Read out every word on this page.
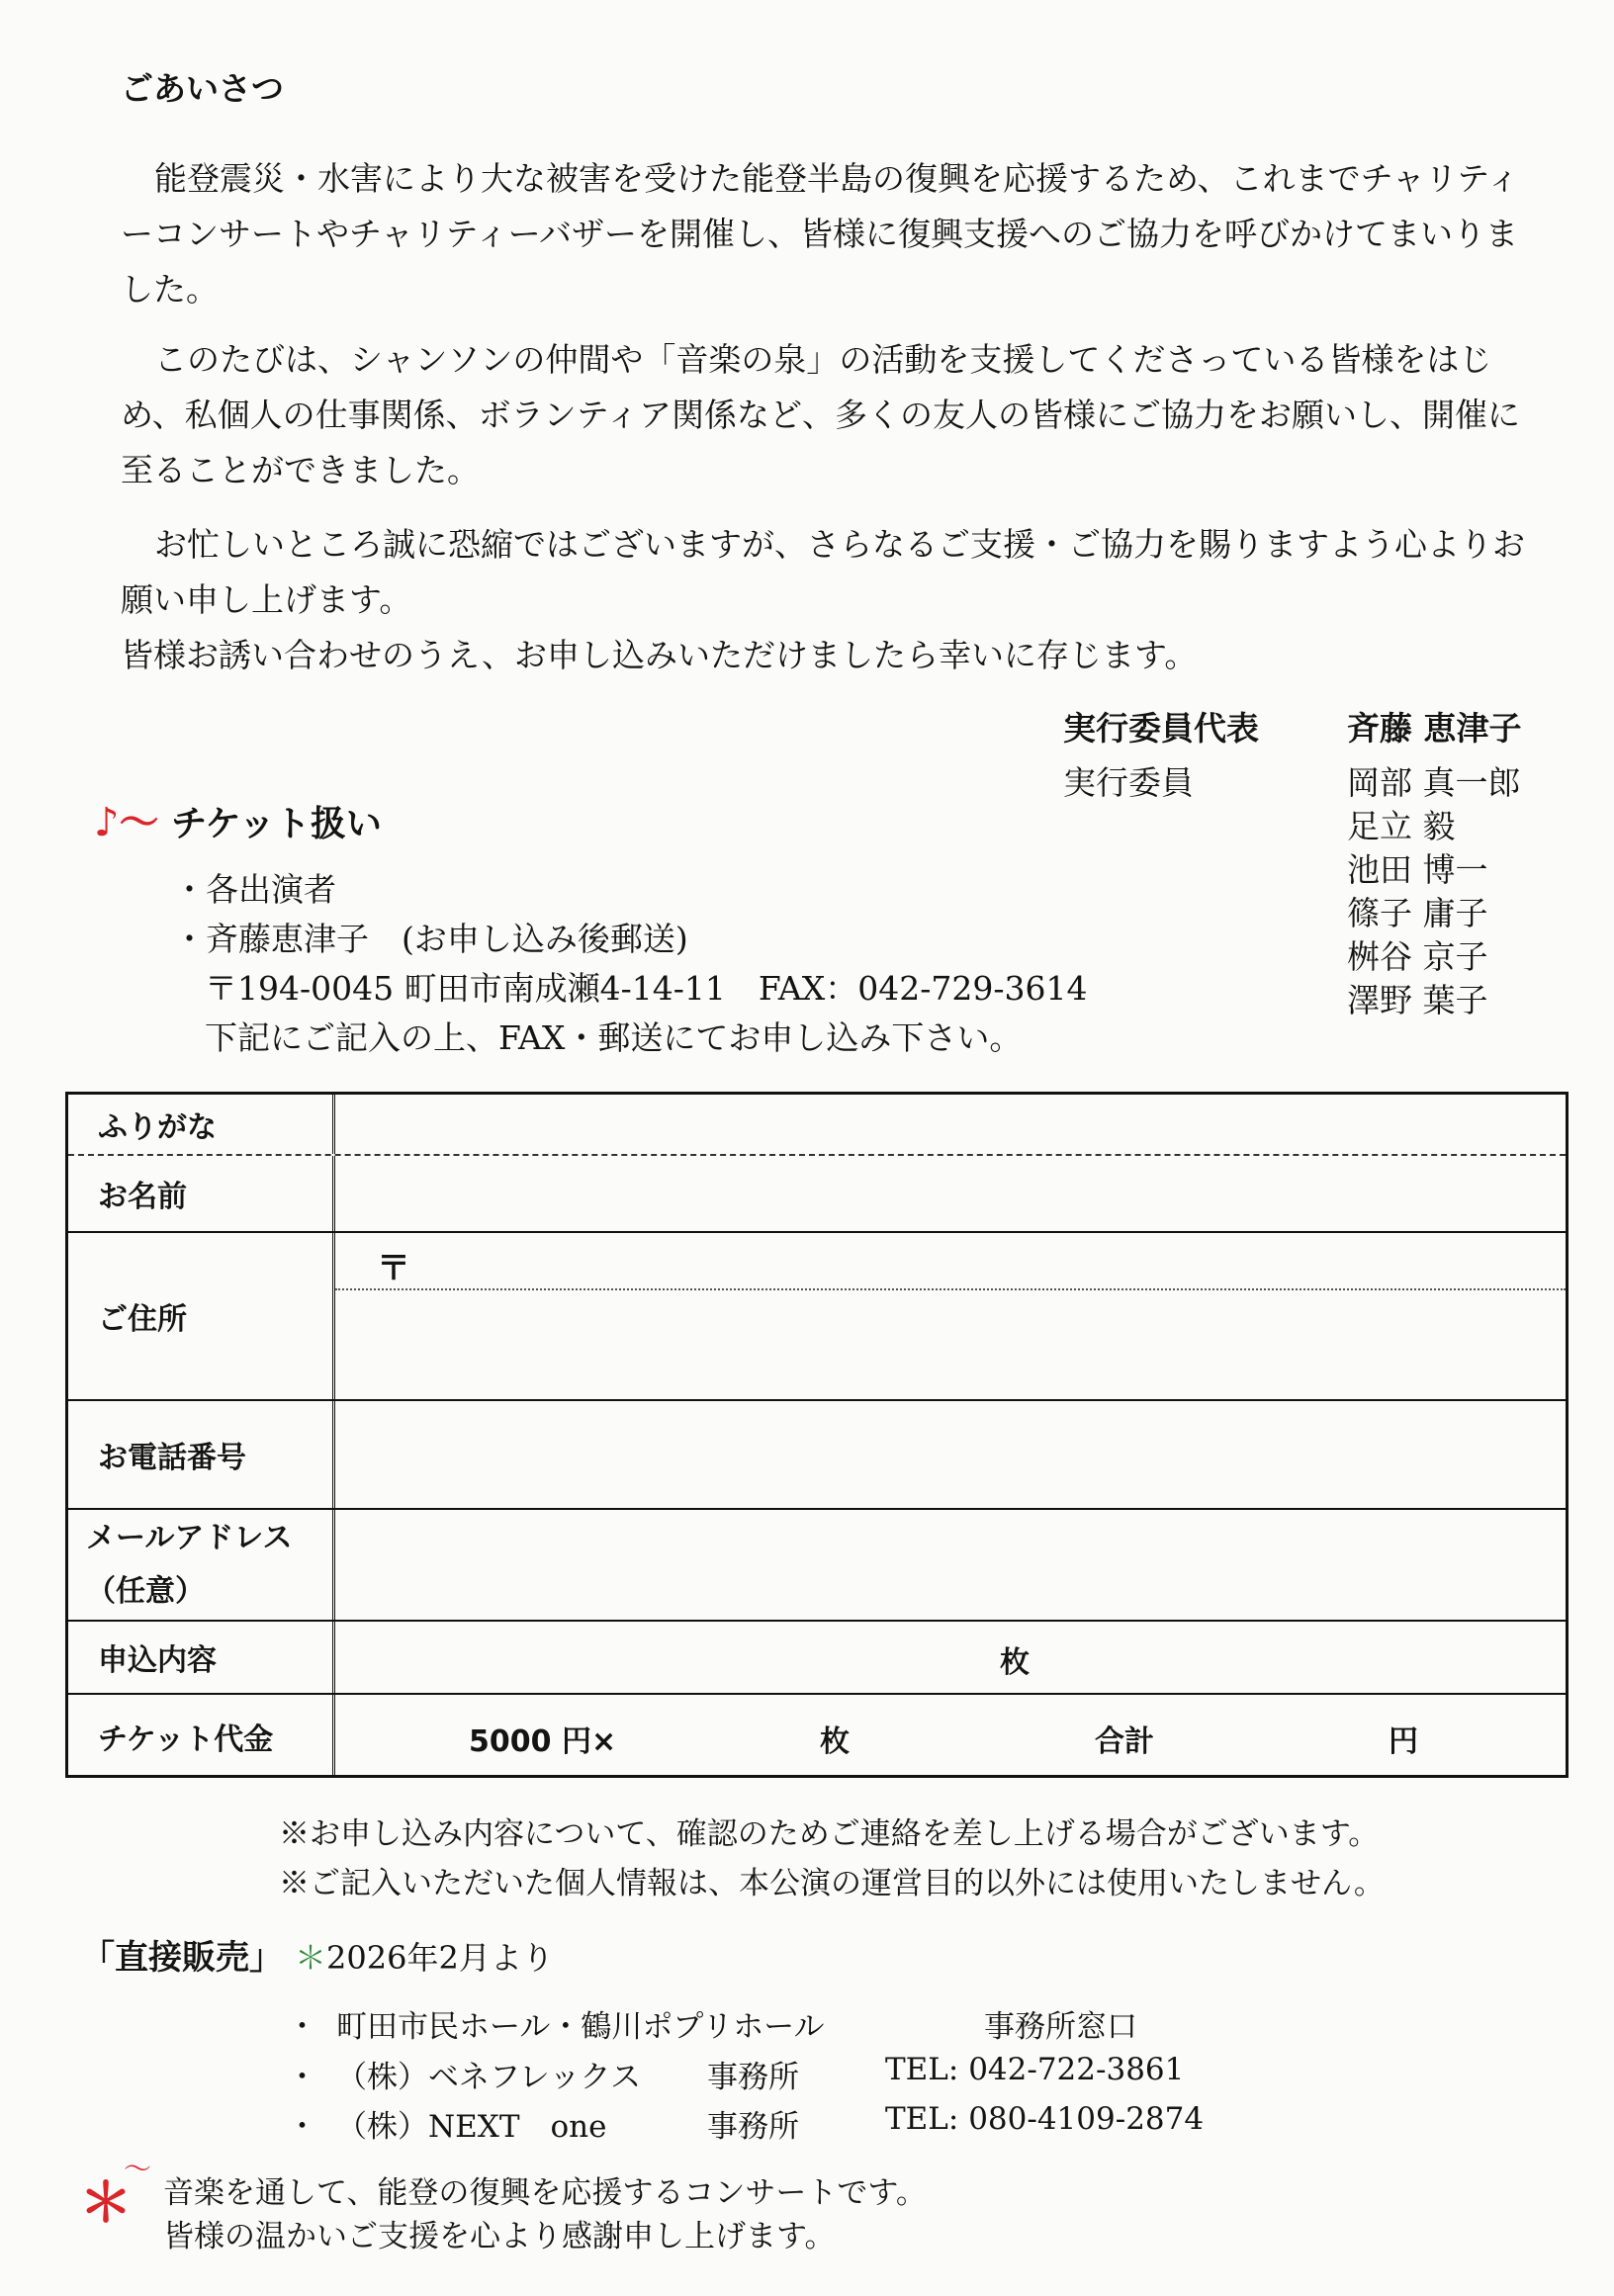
ごあいさつ

能登震災・水害により大な被害を受けた能登半島の復興を応援するため、これまでチャリティーコンサートやチャリティーバザーを開催し、皆様に復興支援へのご協力を呼びかけてまいりました。

このたびは、シャンソンの仲間や「音楽の泉」の活動を支援してくださっている皆様をはじめ、私個人の仕事関係、ボランティア関係など、多くの友人の皆様にご協力をお願いし、開催に至ることができました。

お忙しいところ誠に恐縮ではございますが、さらなるご支援・ご協力を賜りますよう心よりお願い申し上げます。

皆様お誘い合わせのうえ、お申し込みいただけましたら幸いに存じます。

実行委員代表	斉藤 恵津子
実行委員	岡部 真一郎
足立 毅
池田 博一
篠子 庸子
桝谷 京子
澤野 葉子
♪～ チケット扱い
・各出演者
・斉藤恵津子　(お申し込み後郵送)
〒194-0045 町田市南成瀬4-14-11　FAX：042-729-3614
下記にご記入の上、FAX・郵送にてお申し込み下さい。
ふりがな
お名前
ご住所
〒
お電話番号
メールアドレス
（任意）
申込内容	枚
チケット代金	5000 円×	枚	合計	円
※お申し込み内容について、確認のためご連絡を差し上げる場合がございます。
※ご記入いただいた個人情報は、本公演の運営目的以外には使用いたしません。
「直接販売」 ＊2026年2月より
・ 町田市民ホール・鶴川ポプリホール	事務所窓口
・ （株）ベネフレックス 事務所	TEL: 042-722-3861
・ （株）NEXT　one	事務所	TEL: 080-4109-2874
＊
～
音楽を通して、能登の復興を応援するコンサートです。
皆様の温かいご支援を心より感謝申し上げます。
